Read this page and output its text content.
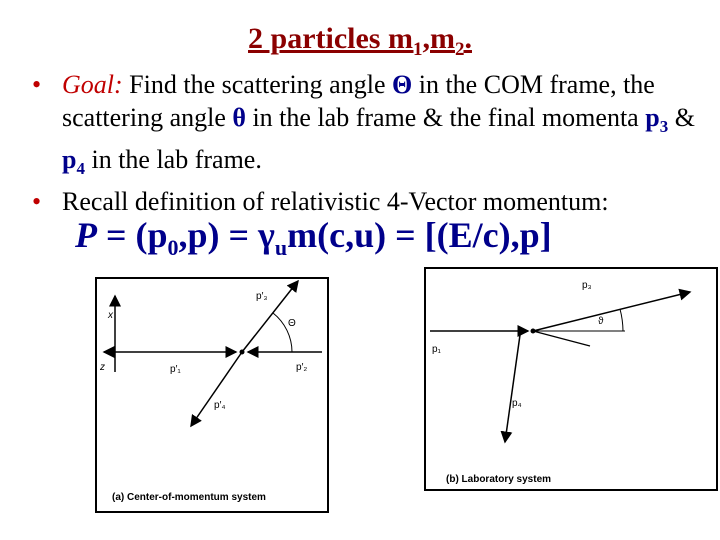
2 particles $m_1,m_2$.
• Goal: Find the scattering angle Θ in the COM frame, the scattering angle θ in the lab frame & the final momenta $p_3$ & $p_4$ in the lab frame.
• Recall definition of relativistic 4-Vector momentum:
$P = (p_0,p) = \gamma_um(c,u) = [(E/c),p]$
x
z
Θ
p′₃
p′₁	p′₂
p′₄
(a) Center-of-momentum system
ϑ
p₃
p₁
p₄
(b) Laboratory system
